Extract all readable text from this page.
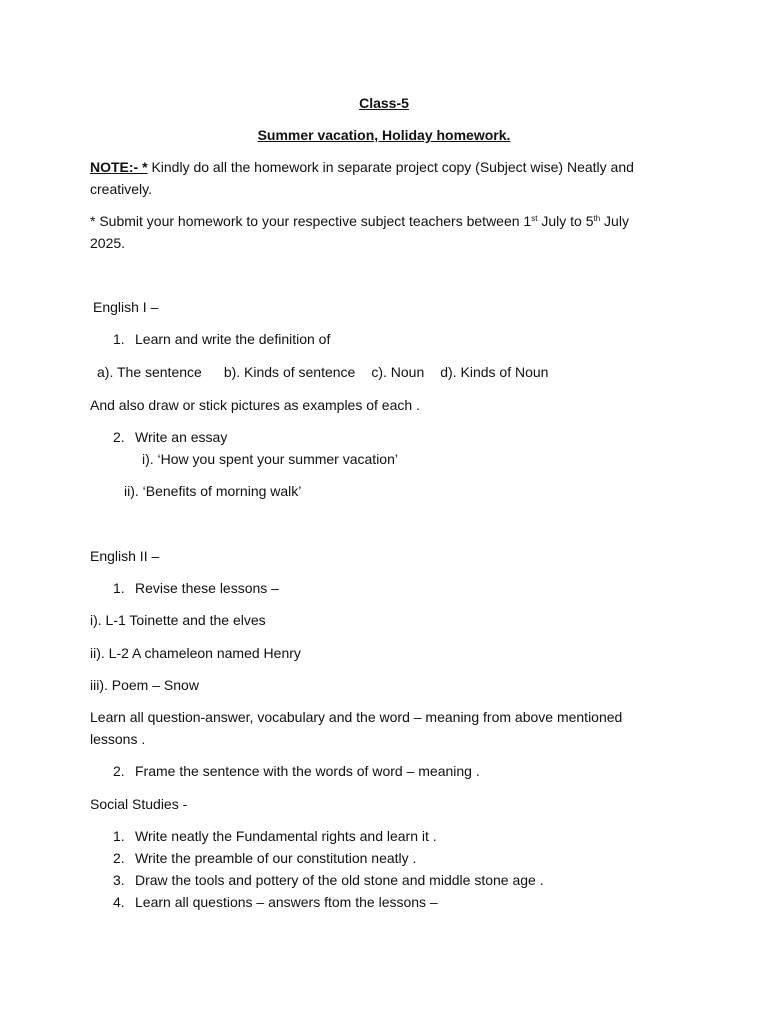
Class-5
Summer vacation, Holiday homework.
NOTE:- * Kindly do all the homework in separate project copy (Subject wise) Neatly and creatively.
* Submit your homework to your respective subject teachers between 1st July to 5th July 2025.
English I –
1. Learn and write the definition of
a). The sentence b). Kinds of sentence c). Noun d). Kinds of Noun
And also draw or stick pictures as examples of each .
2. Write an essay
i). ‘How you spent your summer vacation’
ii). ‘Benefits of morning walk’
English II –
1. Revise these lessons –
i). L-1 Toinette and the elves
ii). L-2 A chameleon named Henry
iii). Poem – Snow
Learn all question-answer, vocabulary and the word – meaning from above mentioned lessons .
2. Frame the sentence with the words of word – meaning .
Social Studies -
1. Write neatly the Fundamental rights and learn it .
2. Write the preamble of our constitution neatly .
3. Draw the tools and pottery of the old stone and middle stone age .
4. Learn all questions – answers ftom the lessons –
